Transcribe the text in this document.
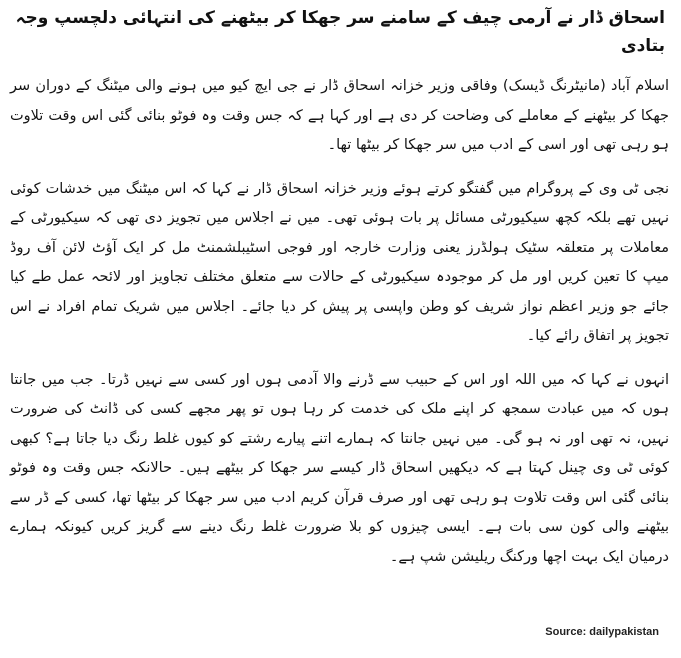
اسحاق ڈار نے آرمی چیف کے سامنے سر جھکا کر بیٹھنے کی انتہائی دلچسپ وجہ بتادی

اسلام آباد (مانیٹرنگ ڈیسک) وفاقی وزیر خزانہ اسحاق ڈار نے جی ایچ کیو میں ہونے والی میٹنگ کے دوران سر جھکا کر بیٹھنے کے معاملے کی وضاحت کر دی ہے اور کہا ہے کہ جس وقت وہ فوٹو بنائی گئی اس وقت تلاوت ہو رہی تھی اور اسی کے ادب میں سر جھکا کر بیٹھا تھا۔

نجی ٹی وی کے پروگرام میں گفتگو کرتے ہوئے وزیر خزانہ اسحاق ڈار نے کہا کہ اس میٹنگ میں خدشات کوئی نہیں تھے بلکہ کچھ سیکیورٹی مسائل پر بات ہوئی تھی۔ میں نے اجلاس میں تجویز دی تھی کہ سیکیورٹی کے معاملات پر متعلقہ سٹیک ہولڈرز یعنی وزارت خارجہ اور فوجی اسٹیبلشمنٹ مل کر ایک آؤٹ لائن آف روڈ میپ کا تعین کریں اور مل کر موجودہ سیکیورٹی کے حالات سے متعلق مختلف تجاویز اور لائحہ عمل طے کیا جائے جو وزیر اعظم نواز شریف کو وطن واپسی پر پیش کر دیا جائے۔ اجلاس میں شریک تمام افراد نے اس تجویز پر اتفاق رائے کیا۔

انہوں نے کہا کہ میں اللہ اور اس کے حبیب سے ڈرنے والا آدمی ہوں اور کسی سے نہیں ڈرتا۔ جب میں جانتا ہوں کہ میں عبادت سمجھ کر اپنے ملک کی خدمت کر رہا ہوں تو پھر مجھے کسی کی ڈانٹ کی ضرورت نہیں، نہ تھی اور نہ ہو گی۔ میں نہیں جانتا کہ ہمارے اتنے پیارے رشتے کو کیوں غلط رنگ دیا جاتا ہے؟ کبھی کوئی ٹی وی چینل کہتا ہے کہ دیکھیں اسحاق ڈار کیسے سر جھکا کر بیٹھے ہیں۔ حالانکہ جس وقت وہ فوٹو بنائی گئی اس وقت تلاوت ہو رہی تھی اور صرف قرآن کریم ادب میں سر جھکا کر بیٹھا تھا، کسی کے ڈر سے بیٹھنے والی کون سی بات ہے۔ ایسی چیزوں کو بلا ضرورت غلط رنگ دینے سے گریز کریں کیونکہ ہمارے درمیان ایک بہت اچھا ورکنگ ریلیشن شپ ہے۔

Source: dailypakistan
